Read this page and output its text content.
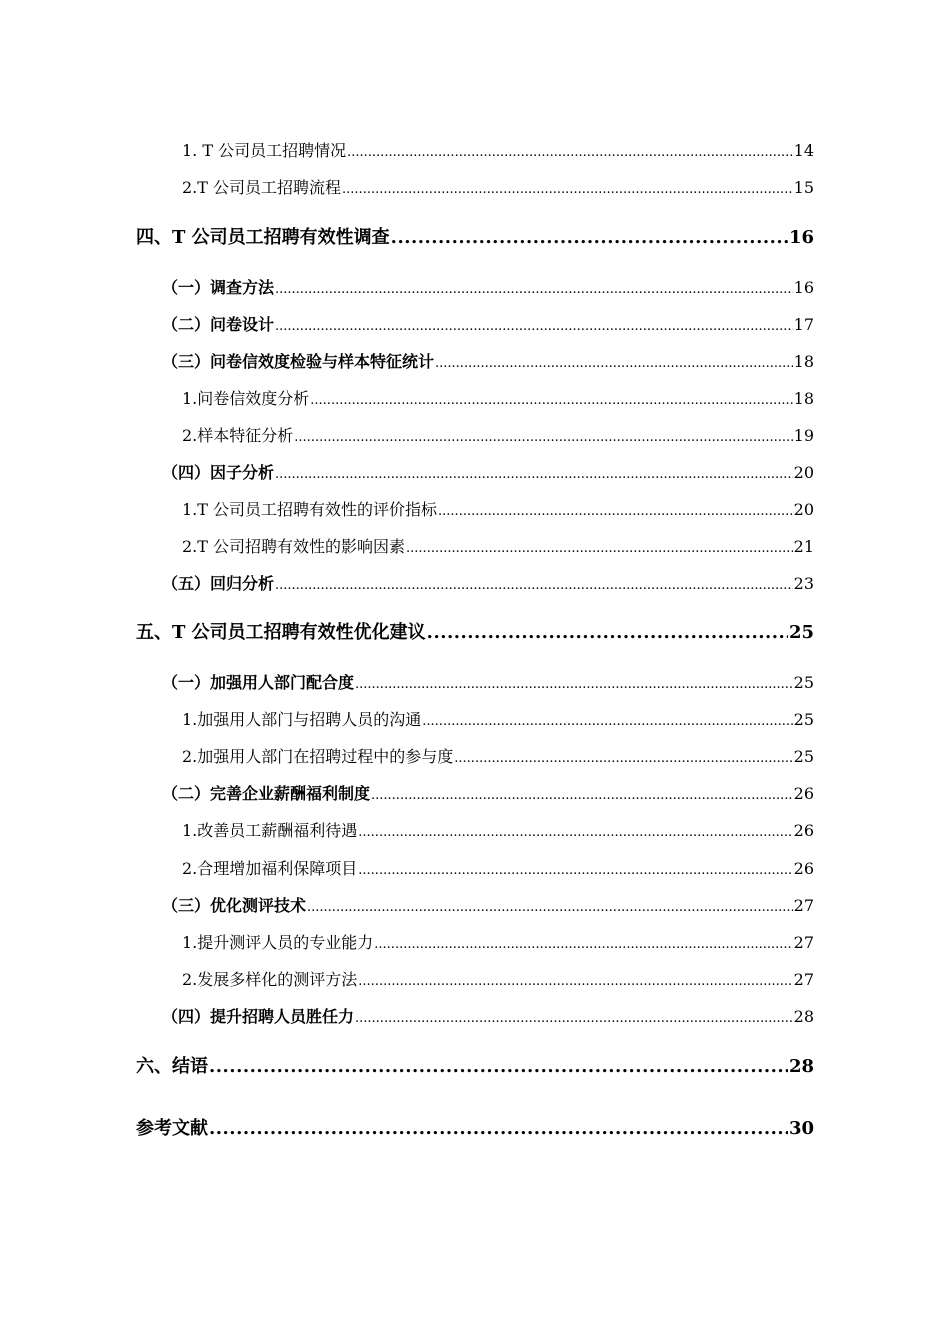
1. T 公司员工招聘情况 .....	14
2.T 公司员工招聘流程 .....	15
四、T 公司员工招聘有效性调查 .....	16
（一）调查方法 .....	16
（二）问卷设计 .....	17
（三）问卷信效度检验与样本特征统计 .....	18
1.问卷信效度分析 .....	18
2.样本特征分析 .....	19
（四）因子分析 .....	20
1.T 公司员工招聘有效性的评价指标 .....	20
2.T 公司招聘有效性的影响因素 .....	21
（五）回归分析 .....	23
五、T 公司员工招聘有效性优化建议 .....	25
（一）加强用人部门配合度 .....	25
1.加强用人部门与招聘人员的沟通 .....	25
2.加强用人部门在招聘过程中的参与度 .....	25
（二）完善企业薪酬福利制度 .....	26
1.改善员工薪酬福利待遇 .....	26
2.合理增加福利保障项目 .....	26
（三）优化测评技术 .....	27
1.提升测评人员的专业能力 .....	27
2.发展多样化的测评方法 .....	27
（四）提升招聘人员胜任力 .....	28
六、结语 .....	28
参考文献 .....	30
